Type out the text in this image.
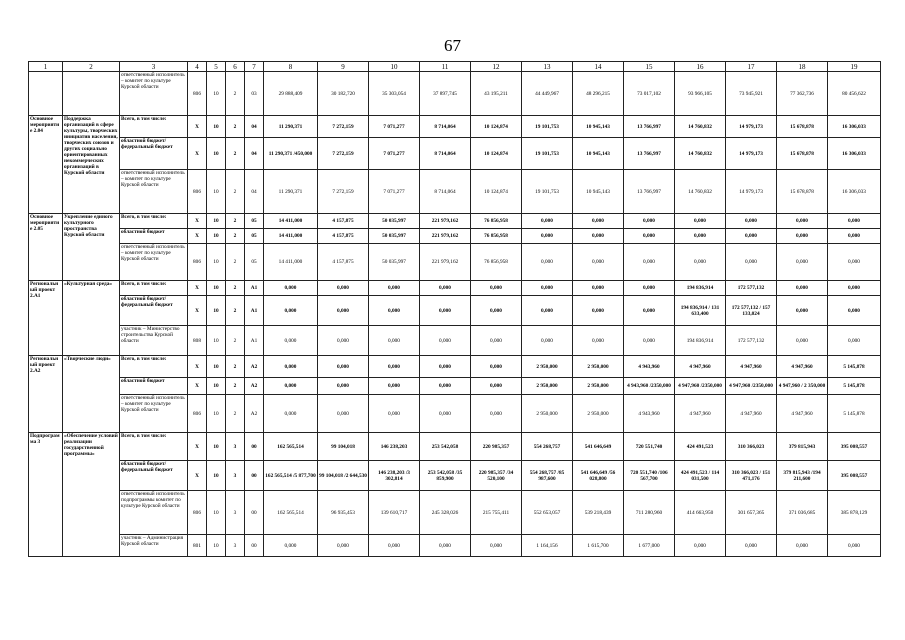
67
1	2	3	4	5	6	7	8	9	10	11	12	13	14	15	16	17	18	19
		ответственный исполнитель – комитет по культуре Курской области	806	10	2	03	29 888,409	30 182,720	35 303,054	37 897,745	43 195,211	44 449,967	48 296,215	73 017,102	93 966,105	73 945,921	77 362,736	80 456,622
Основное мероприятие 2.04	Поддержка организаций в сфере культуры, творческих инициатив населения, творческих союзов и других социально ориентированных некоммерческих организаций в Курской области	Всего, в том числе:	Х	10	2	04	11 290,371	7 272,159	7 071,277	8 714,064	10 124,874	19 101,753	10 945,143	13 766,997	14 760,832	14 979,173	15 678,878	16 306,033
		областной бюджет/ федеральный бюджет	Х	10	2	04	11 290,371 /450,000	7 272,159	7 071,277	8 714,064	10 124,874	19 101,753	10 945,143	13 766,997	14 760,832	14 979,173	15 678,878	16 306,033
		ответственный исполнитель – комитет по культуре Курской области	806	10	2	04	11 290,371	7 272,159	7 071,277	8 714,064	10 124,874	19 101,753	10 945,143	13 766,997	14 760,832	14 979,173	15 678,878	16 306,033
Основное мероприятие 2.05	Укрепление единого культурного пространства Курской области	Всего, в том числе:	Х	10	2	05	14 411,000	4 157,875	50 035,997	221 979,162	76 856,958	0,000	0,000	0,000	0,000	0,000	0,000	0,000
		областной бюджет	Х	10	2	05	14 411,000	4 157,875	50 035,997	221 979,162	76 856,958	0,000	0,000	0,000	0,000	0,000	0,000	0,000
		ответственный исполнитель – комитет по культуре Курской области	806	10	2	05	14 411,000	4 157,875	50 035,997	221 979,162	76 856,958	0,000	0,000	0,000	0,000	0,000	0,000	0,000
Региональный проект 2.А1	«Культурная среда»	Всего, в том числе:	Х	10	2	А1	0,000	0,000	0,000	0,000	0,000	0,000	0,000	0,000	194 836,914	172 577,132	0,000	0,000
		областной бюджет/ федеральный бюджет	Х	10	2	А1	0,000	0,000	0,000	0,000	0,000	0,000	0,000	0,000	194 836,914 / 131 633,400	172 577,132 / 157 133,024	0,000	0,000
		участник – Министерство строительства Курской области	808	10	2	А1	0,000	0,000	0,000	0,000	0,000	0,000	0,000	0,000	194 836,914	172 577,132	0,000	0,000
Региональный проект 2.А2	«Творческие люди»	Всего, в том числе:	Х	10	2	А2	0,000	0,000	0,000	0,000	0,000	2 950,000	2 950,000	4 943,960	4 947,960	4 947,960	4 947,960	5 145,878
		областной бюджет	Х	10	2	А2	0,000	0,000	0,000	0,000	0,000	2 950,000	2 950,000	4 943,960 /2350,000	4 947,960 /2350,000	4 947,960 /2350,000	4 947,960 / 2 350,000	5 145,878
		ответственный исполнитель – комитет по культуре Курской области	806	10	2	А2	0,000	0,000	0,000	0,000	0,000	2 950,000	2 950,000	4 943,960	4 947,960	4 947,960	4 947,960	5 145,878
Подпрограмма 3	«Обеспечение условий реализации государственной программы»	Всего, в том числе:	Х	10	3	00	162 565,514	99 104,018	146 238,203	253 542,058	220 985,357	554 268,757	541 646,649	720 551,740	424 491,523	310 366,023	379 815,943	395 008,557
		областной бюджет/ федеральный бюджет	Х	10	3	00	162 565,514 /5 877,700	99 104,018 /2 644,530	146 238,203 /3 302,814	253 542,058 /35 859,900	220 985,357 /34 520,100	554 268,757 /85 987,600	541 646,649 /56 028,800	720 551,740 /106 567,700	424 491,523 / 114 031,500	310 366,023 / 151 471,176	379 815,943 /194 211,600	395 008,557
		ответственный исполнитель подпрограммы комитет по культуре Курской области	806	10	3	00	162 565,514	96 935,453	139 610,717	245 328,026	215 755,411	552 653,057	539 218,439	711 280,960	414 663,950	301 657,365	371 036,685	385 878,129
		участник – Администрация Курской области	801	10	3	00	0,000	0,000	0,000	0,000	0,000	1 164,156	1 615,700	1 677,000	0,000	0,000	0,000	0,000
